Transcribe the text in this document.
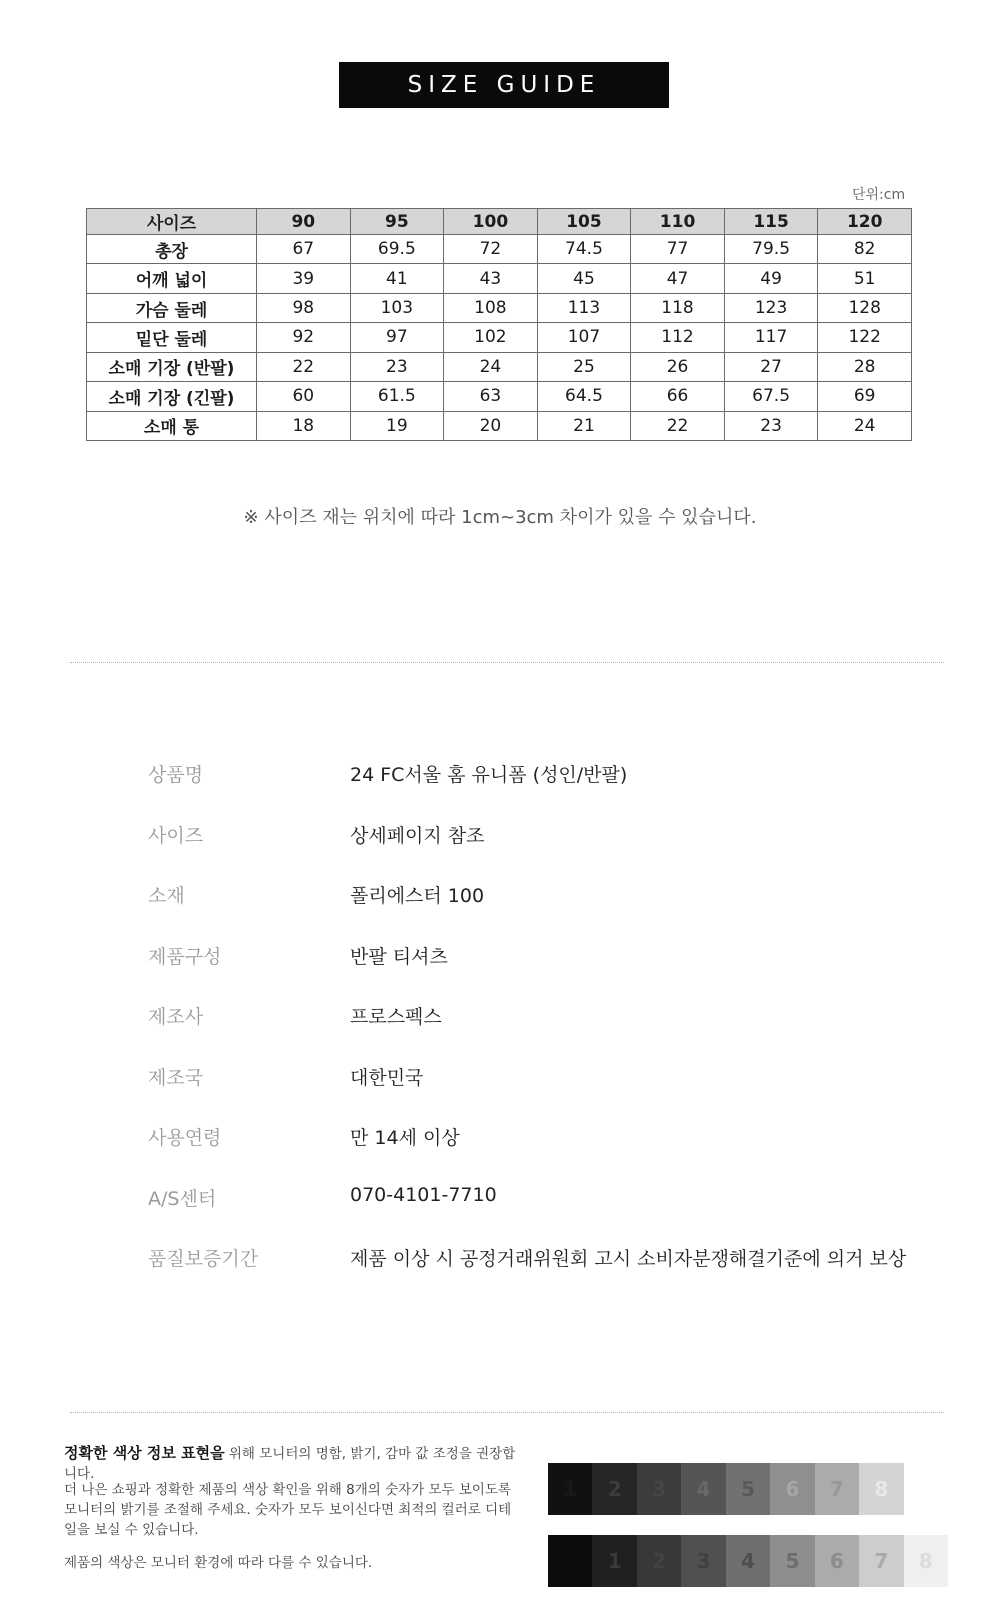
SIZE GUIDE
단위:cm
사이즈	90	95	100	105	110	115	120
총장	67	69.5	72	74.5	77	79.5	82
어깨 넓이	39	41	43	45	47	49	51
가슴 둘레	98	103	108	113	118	123	128
밑단 둘레	92	97	102	107	112	117	122
소매 기장 (반팔)	22	23	24	25	26	27	28
소매 기장 (긴팔)	60	61.5	63	64.5	66	67.5	69
소매 통	18	19	20	21	22	23	24
※ 사이즈 재는 위치에 따라 1cm~3cm 차이가 있을 수 있습니다.
상품명	24 FC서울 홈 유니폼 (성인/반팔)
사이즈	상세페이지 참조
소재	폴리에스터 100
제품구성	반팔 티셔츠
제조사	프로스펙스
제조국	대한민국
사용연령	만 14세 이상
A/S센터	070-4101-7710
품질보증기간	제품 이상 시 공정거래위원회 고시 소비자분쟁해결기준에 의거 보상
정확한 색상 정보 표현을 위해 모니터의 명함, 밝기, 감마 값 조정을 권장합니다.
더 나은 쇼핑과 정확한 제품의 색상 확인을 위해 8개의 숫자가 모두 보이도록 모니터의 밝기를 조절해 주세요. 숫자가 모두 보이신다면 최적의 컬러로 디테일을 보실 수 있습니다.
제품의 색상은 모니터 환경에 따라 다를 수 있습니다.
1	2	3	4	5	6	7	8
1	2	3	4	5	6	7	8
